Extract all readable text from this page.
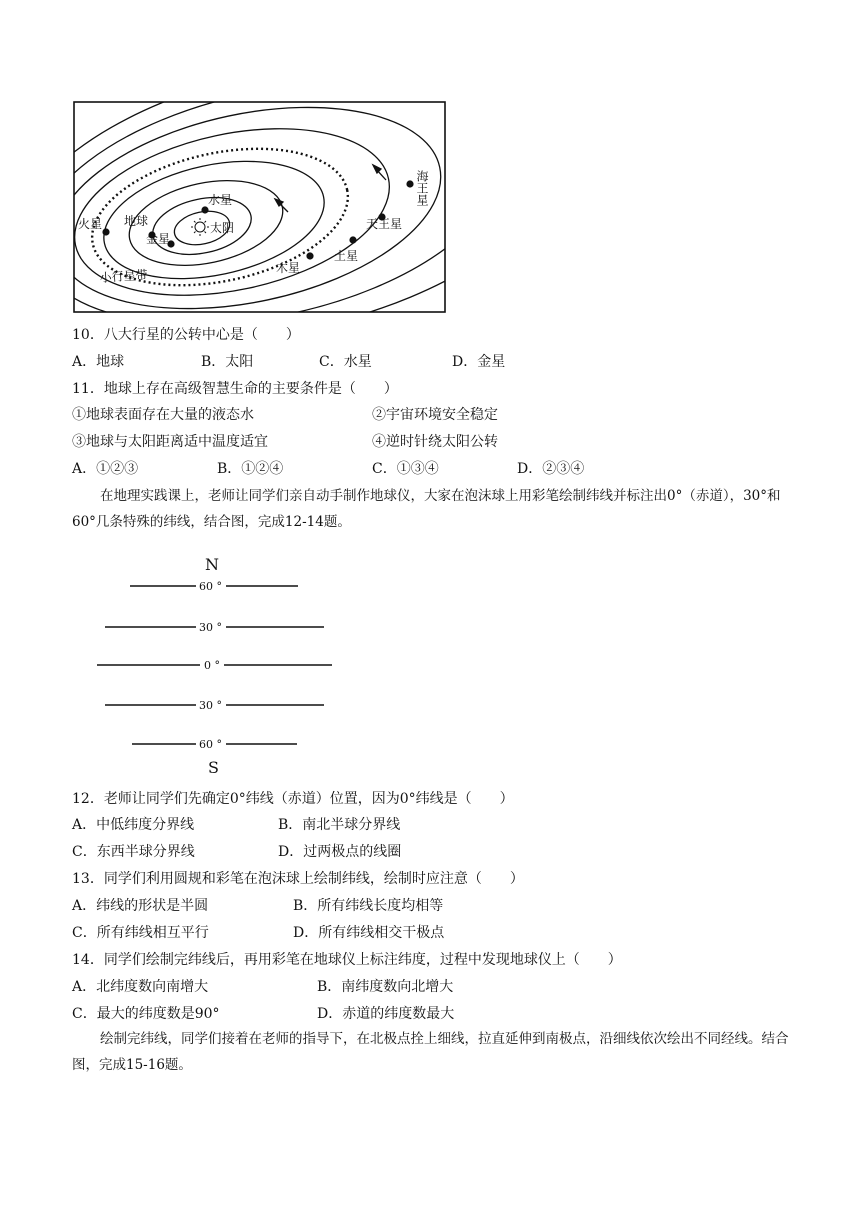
水星
太阳
地球
金星
火星
小行星带	木星
土星
天王星
海王星
10．八大行星的公转中心是（　　）
A．地球	B．太阳	C．水星	D．金星
11．地球上存在高级智慧生命的主要条件是（　　）
①地球表面存在大量的液态水	②宇宙环境安全稳定
③地球与太阳距离适中温度适宜	④逆时针绕太阳公转
A．①②③	B．①②④	C．①③④	D．②③④
在地理实践课上，老师让同学们亲自动手制作地球仪，大家在泡沫球上用彩笔绘制纬线并标注出0°（赤道），30°和60°几条特殊的纬线，结合图，完成12-14题。
N
S
60 °
30 °
0 °
30 °
60 °
12．老师让同学们先确定0°纬线（赤道）位置，因为0°纬线是（　　）
A．中低纬度分界线	B．南北半球分界线
C．东西半球分界线	D．过两极点的线圈
13．同学们利用圆规和彩笔在泡沫球上绘制纬线，绘制时应注意（　　）
A．纬线的形状是半圆	B．所有纬线长度均相等
C．所有纬线相互平行	D．所有纬线相交干极点
14．同学们绘制完纬线后，再用彩笔在地球仪上标注纬度，过程中发现地球仪上（　　）
A．北纬度数向南增大	B．南纬度数向北增大
C．最大的纬度数是90°	D．赤道的纬度数最大
绘制完纬线，同学们接着在老师的指导下，在北极点拴上细线，拉直延伸到南极点，沿细线依次绘出不同经线。结合图，完成15-16题。
